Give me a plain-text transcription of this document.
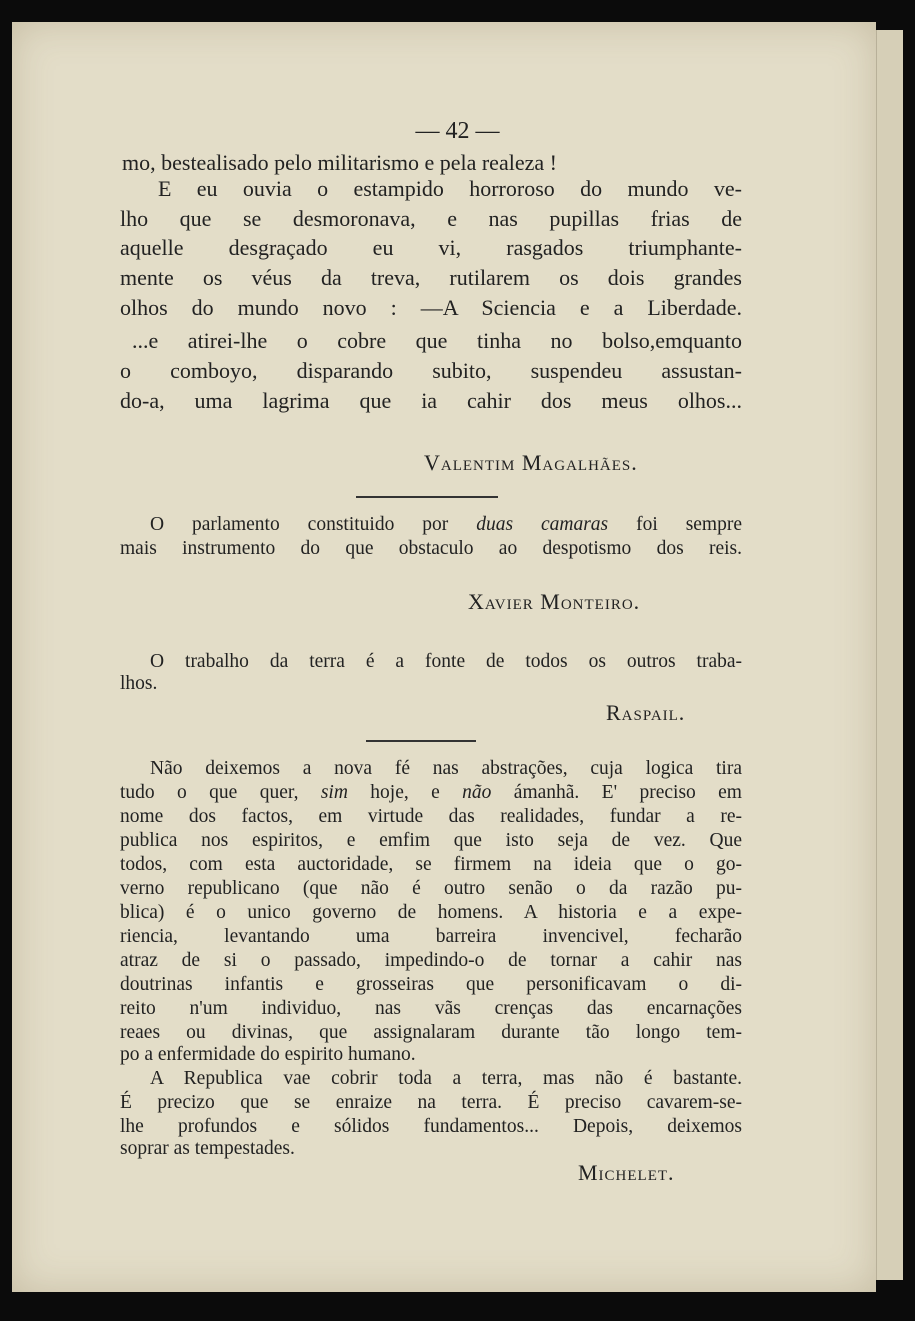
— 42 —
mo, bestealisado pelo militarismo e pela realeza !
E eu ouvia o estampido horroroso do mundo ve-
lho que se desmoronava, e nas pupillas frias de
aquelle desgraçado eu vi, rasgados triumphante-
mente os véus da treva, rutilarem os dois grandes
olhos do mundo novo : —A Sciencia e a Liberdade.
...e atirei-lhe o cobre que tinha no bolso,emquanto
o comboyo, disparando subito, suspendeu assustan-
do-a, uma lagrima que ia cahir dos meus olhos...
Valentim Magalhães.
O parlamento constituido por duas camaras foi sempre
mais instrumento do que obstaculo ao despotismo dos reis.
Xavier Monteiro.
O trabalho da terra é a fonte de todos os outros traba-
lhos.
Raspail.
Não deixemos a nova fé nas abstrações, cuja logica tira
tudo o que quer, sim hoje, e não ámanhã. E' preciso em
nome dos factos, em virtude das realidades, fundar a re-
publica nos espiritos, e emfim que isto seja de vez. Que
todos, com esta auctoridade, se firmem na ideia que o go-
verno republicano (que não é outro senão o da razão pu-
blica) é o unico governo de homens. A historia e a expe-
riencia, levantando uma barreira invencivel, fecharão
atraz de si o passado, impedindo-o de tornar a cahir nas
doutrinas infantis e grosseiras que personificavam o di-
reito n'um individuo, nas vãs crenças das encarnações
reaes ou divinas, que assignalaram durante tão longo tem-
po a enfermidade do espirito humano.
A Republica vae cobrir toda a terra, mas não é bastante.
É precizo que se enraize na terra. É preciso cavarem-se-
lhe profundos e sólidos fundamentos... Depois, deixemos
soprar as tempestades.
Michelet.
